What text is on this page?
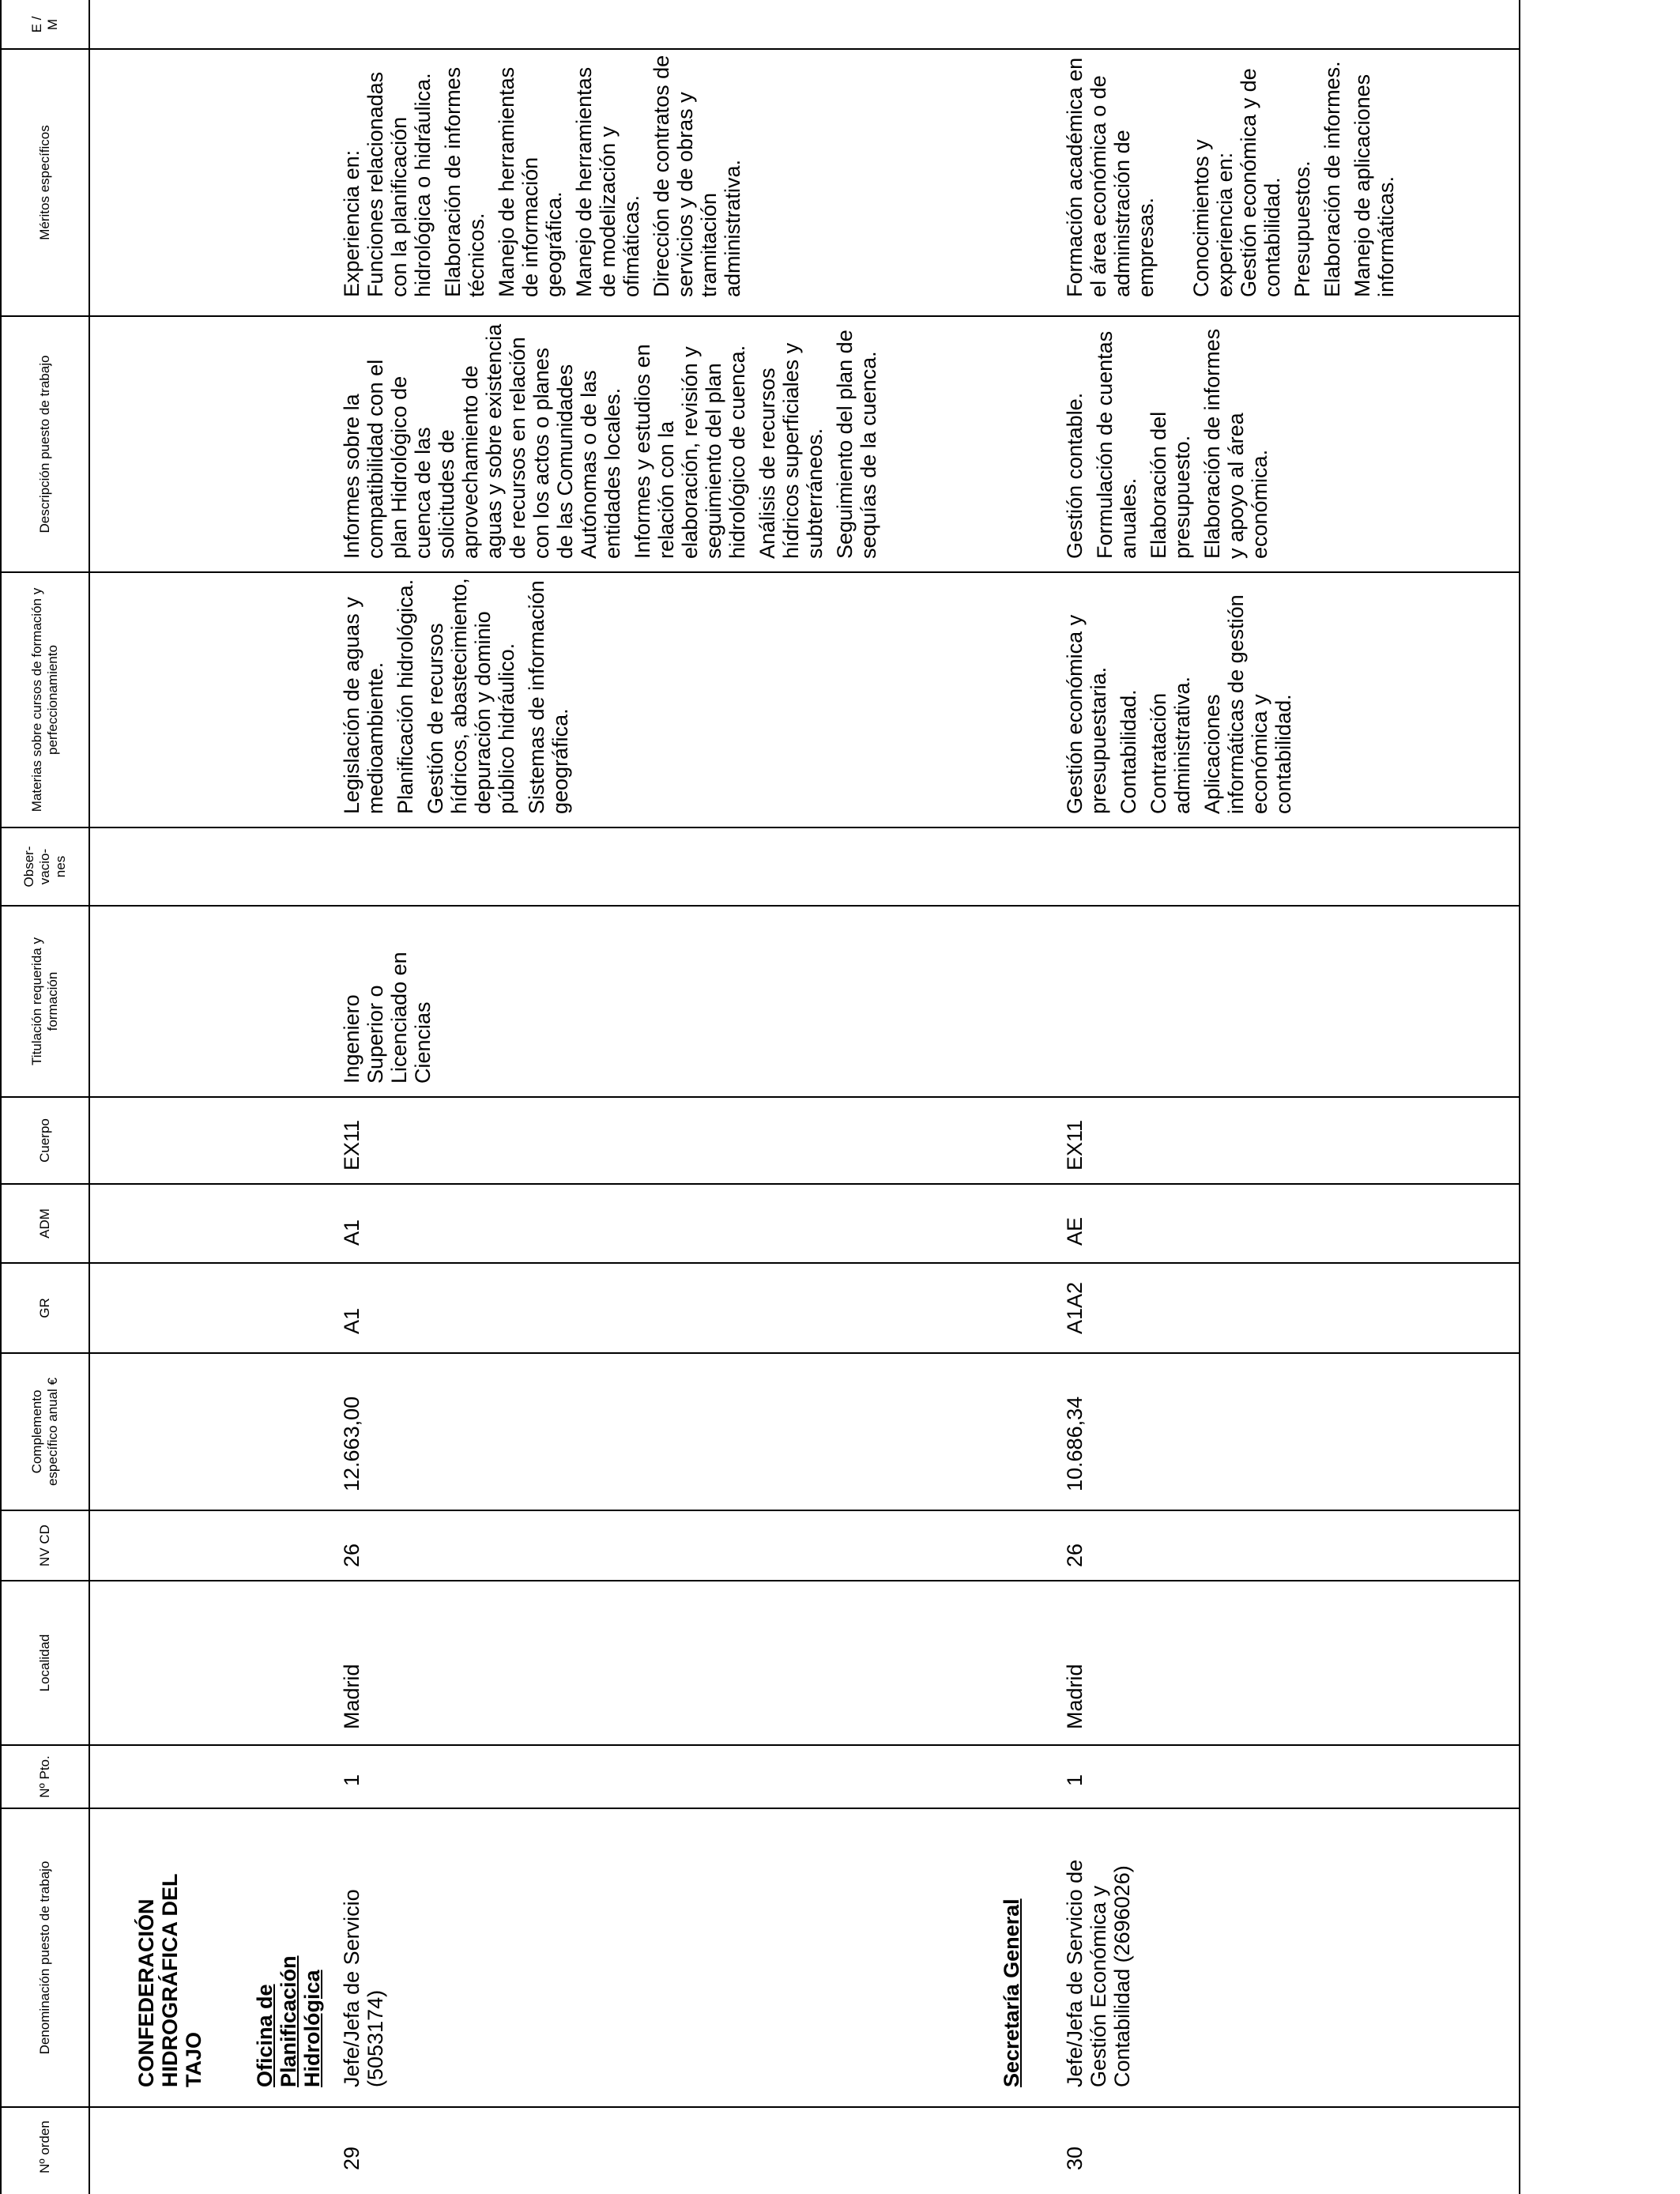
Nº orden
Denominación puesto de trabajo
Nº Pto.
Localidad
NV CD
Complemento específico anual €
GR
ADM
Cuerpo
Titulación requerida y formación
Obser- vacio- nes
Materias sobre cursos de formación y perfeccionamiento
Descripción puesto de trabajo
Méritos específicos
E / M
CONFEDERACIÓN HIDROGRÁFICA DEL TAJO Oficina de Planificación Hidrológica	Secretaría General
29
Jefe/Jefa de Servicio (5053174)
1
Madrid
26
12.663,00
A1
A1
EX11
Ingeniero Superior o Licenciado en Ciencias
Legislación de aguas y medioambiente. Planificación hidrológica. Gestión de recursos hídricos, abastecimiento, depuración y dominio público hidráulico. Sistemas de información geográfica.
Informes sobre la compatibilidad con el plan Hidrológico de cuenca de las solicitudes de aprovechamiento de aguas y sobre existencia de recursos en relación con los actos o planes de las Comunidades Autónomas o de las entidades locales. Informes y estudios en relación con la elaboración, revisión y seguimiento del plan hidrológico de cuenca. Análisis de recursos hídricos superficiales y subterráneos. Seguimiento del plan de sequías de la cuenca.
Experiencia en: Funciones relacionadas con la planificación hidrológica o hidráulica. Elaboración de informes técnicos. Manejo de herramientas de información geográfica. Manejo de herramientas de modelización y ofimáticas. Dirección de contratos de servicios y de obras y tramitación administrativa.
30
Jefe/Jefa de Servicio de Gestión Económica y Contabilidad (2696026)
1
Madrid
26
10.686,34
A1A2
AE
EX11
Gestión económica y presupuestaria. Contabilidad. Contratación administrativa. Aplicaciones informáticas de gestión económica y contabilidad.
Gestión contable. Formulación de cuentas anuales. Elaboración del presupuesto. Elaboración de informes y apoyo al área económica.
Formación académica en el área económica o de administración de empresas. Conocimientos y experiencia en: Gestión económica y de contabilidad. Presupuestos. Elaboración de informes. Manejo de aplicaciones informáticas.
